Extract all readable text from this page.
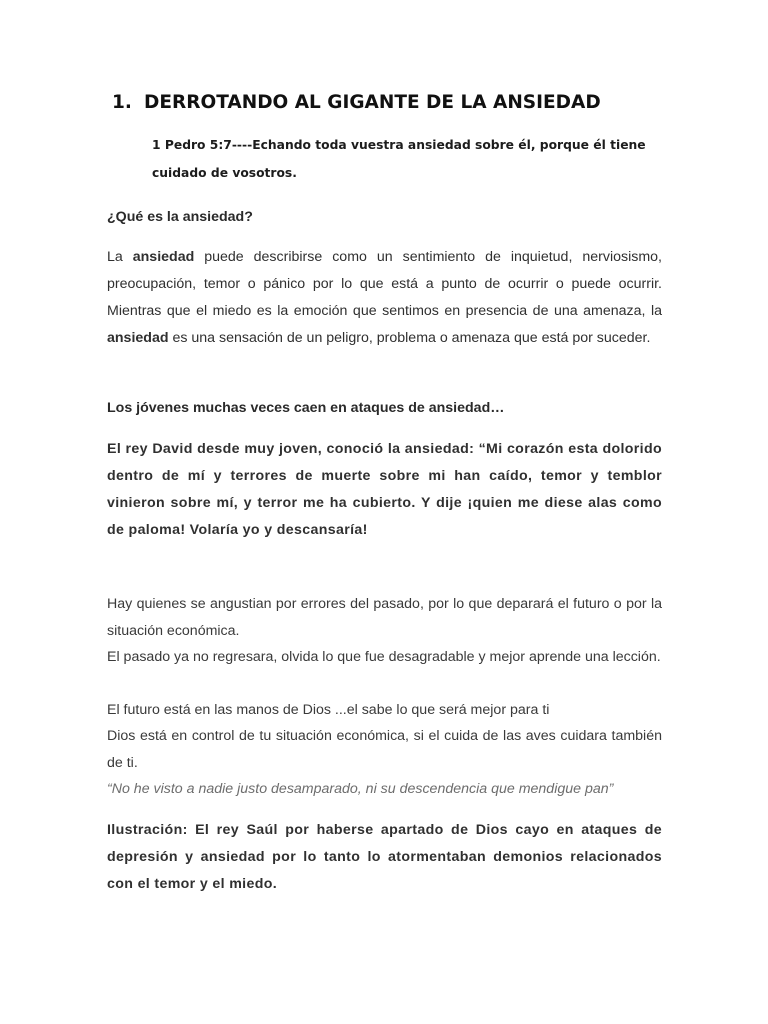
1. DERROTANDO AL GIGANTE DE LA ANSIEDAD
1 Pedro 5:7----Echando toda vuestra ansiedad sobre él, porque él tiene cuidado de vosotros.
¿Qué es la ansiedad?
La ansiedad puede describirse como un sentimiento de inquietud, nerviosismo, preocupación, temor o pánico por lo que está a punto de ocurrir o puede ocurrir. Mientras que el miedo es la emoción que sentimos en presencia de una amenaza, la ansiedad es una sensación de un peligro, problema o amenaza que está por suceder.
Los jóvenes muchas veces caen en ataques de ansiedad…
El rey David desde muy joven, conoció la ansiedad: “Mi corazón esta dolorido dentro de mí y terrores de muerte sobre mi han caído, temor y temblor vinieron sobre mí, y terror me ha cubierto. Y dije ¡quien me diese alas como de paloma! Volaría yo y descansaría!
Hay quienes se angustian por errores del pasado, por lo que deparará el futuro o por la situación económica.
El pasado ya no regresara, olvida lo que fue desagradable y mejor aprende una lección.
El futuro está en las manos de Dios ...el sabe lo que será mejor para ti
Dios está en control de tu situación económica, si el cuida de las aves cuidara también de ti.
“No he visto a nadie justo desamparado, ni su descendencia que mendigue pan”
Ilustración: El rey Saúl por haberse apartado de Dios cayo en ataques de depresión y ansiedad por lo tanto lo atormentaban demonios relacionados con el temor y el miedo.
